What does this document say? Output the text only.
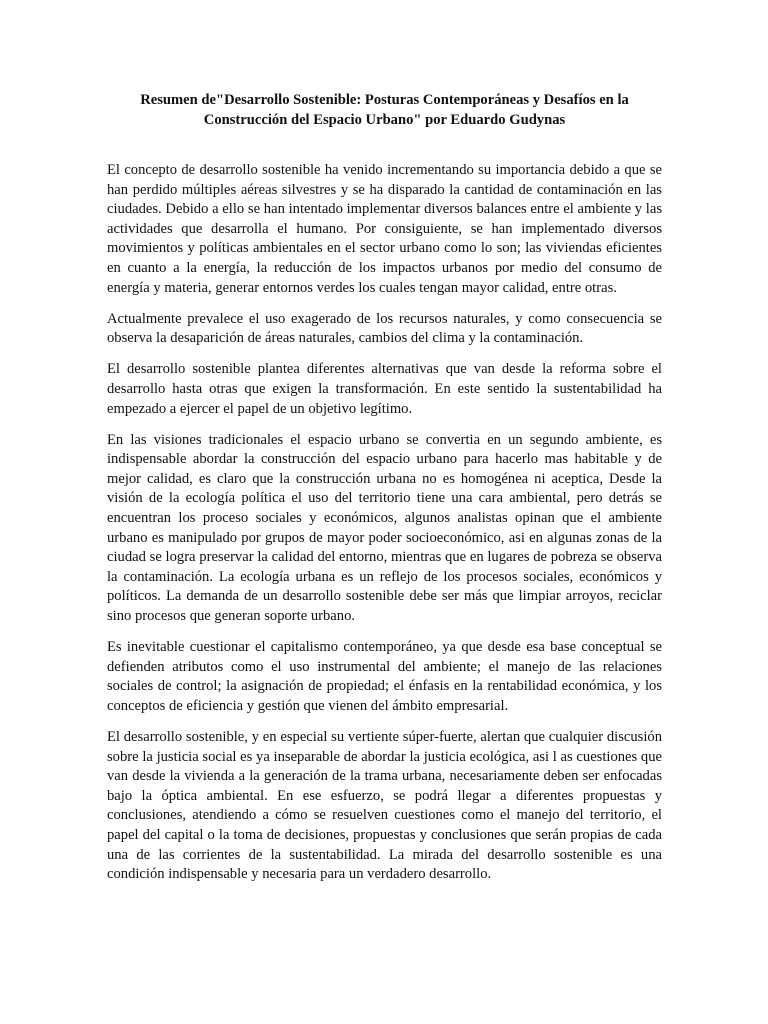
Resumen de"Desarrollo Sostenible: Posturas Contemporáneas y Desafíos en la
Construcción del Espacio Urbano" por Eduardo Gudynas

El concepto de desarrollo sostenible ha venido incrementando su importancia debido a que se han perdido múltiples aéreas silvestres y se ha disparado la cantidad de contaminación en las ciudades. Debido a ello se han intentado implementar diversos balances entre el ambiente y las actividades que desarrolla el humano. Por consiguiente, se han implementado diversos movimientos y políticas ambientales en el sector urbano como lo son; las viviendas eficientes en cuanto a la energía, la reducción de los impactos urbanos por medio del consumo de energía y materia, generar entornos verdes los cuales tengan mayor calidad, entre otras.

Actualmente prevalece el uso exagerado de los recursos naturales, y como consecuencia se observa la desaparición de áreas naturales, cambios del clima y la contaminación.

El desarrollo sostenible plantea diferentes alternativas que van desde la reforma sobre el desarrollo hasta otras que exigen la transformación. En este sentido la sustentabilidad ha empezado a ejercer el papel de un objetivo legítimo.

En las visiones tradicionales el espacio urbano se convertia en un segundo ambiente, es indispensable abordar la construcción del espacio urbano para hacerlo mas habitable y de mejor calidad, es claro que la construcción urbana no es homogénea ni aceptica, Desde la visión de la ecología política el uso del territorio tiene una cara ambiental, pero detrás se encuentran los proceso sociales y económicos, algunos analistas opinan que el ambiente urbano es manipulado por grupos de mayor poder socioeconómico, asi en algunas zonas de la ciudad se logra preservar la calidad del entorno, mientras que en lugares de pobreza se observa la contaminación. La ecología urbana es un reflejo de los procesos sociales, económicos y políticos. La demanda de un desarrollo sostenible debe ser más que limpiar arroyos, reciclar sino procesos que generan soporte urbano.

Es inevitable cuestionar el capitalismo contemporáneo, ya que desde esa base conceptual se defienden atributos como el uso instrumental del ambiente; el manejo de las relaciones sociales de control; la asignación de propiedad; el énfasis en la rentabilidad económica, y los conceptos de eficiencia y gestión que vienen del ámbito empresarial.

El desarrollo sostenible, y en especial su vertiente súper-fuerte, alertan que cualquier discusión sobre la justicia social es ya inseparable de abordar la justicia ecológica, asi l as cuestiones que van desde la vivienda a la generación de la trama urbana, necesariamente deben ser enfocadas bajo la óptica ambiental. En ese esfuerzo, se podrá llegar a diferentes propuestas y conclusiones, atendiendo a cómo se resuelven cuestiones como el manejo del territorio, el papel del capital o la toma de decisiones, propuestas y conclusiones que serán propias de cada una de las corrientes de la sustentabilidad. La mirada del desarrollo sostenible es una condición indispensable y necesaria para un verdadero desarrollo.
